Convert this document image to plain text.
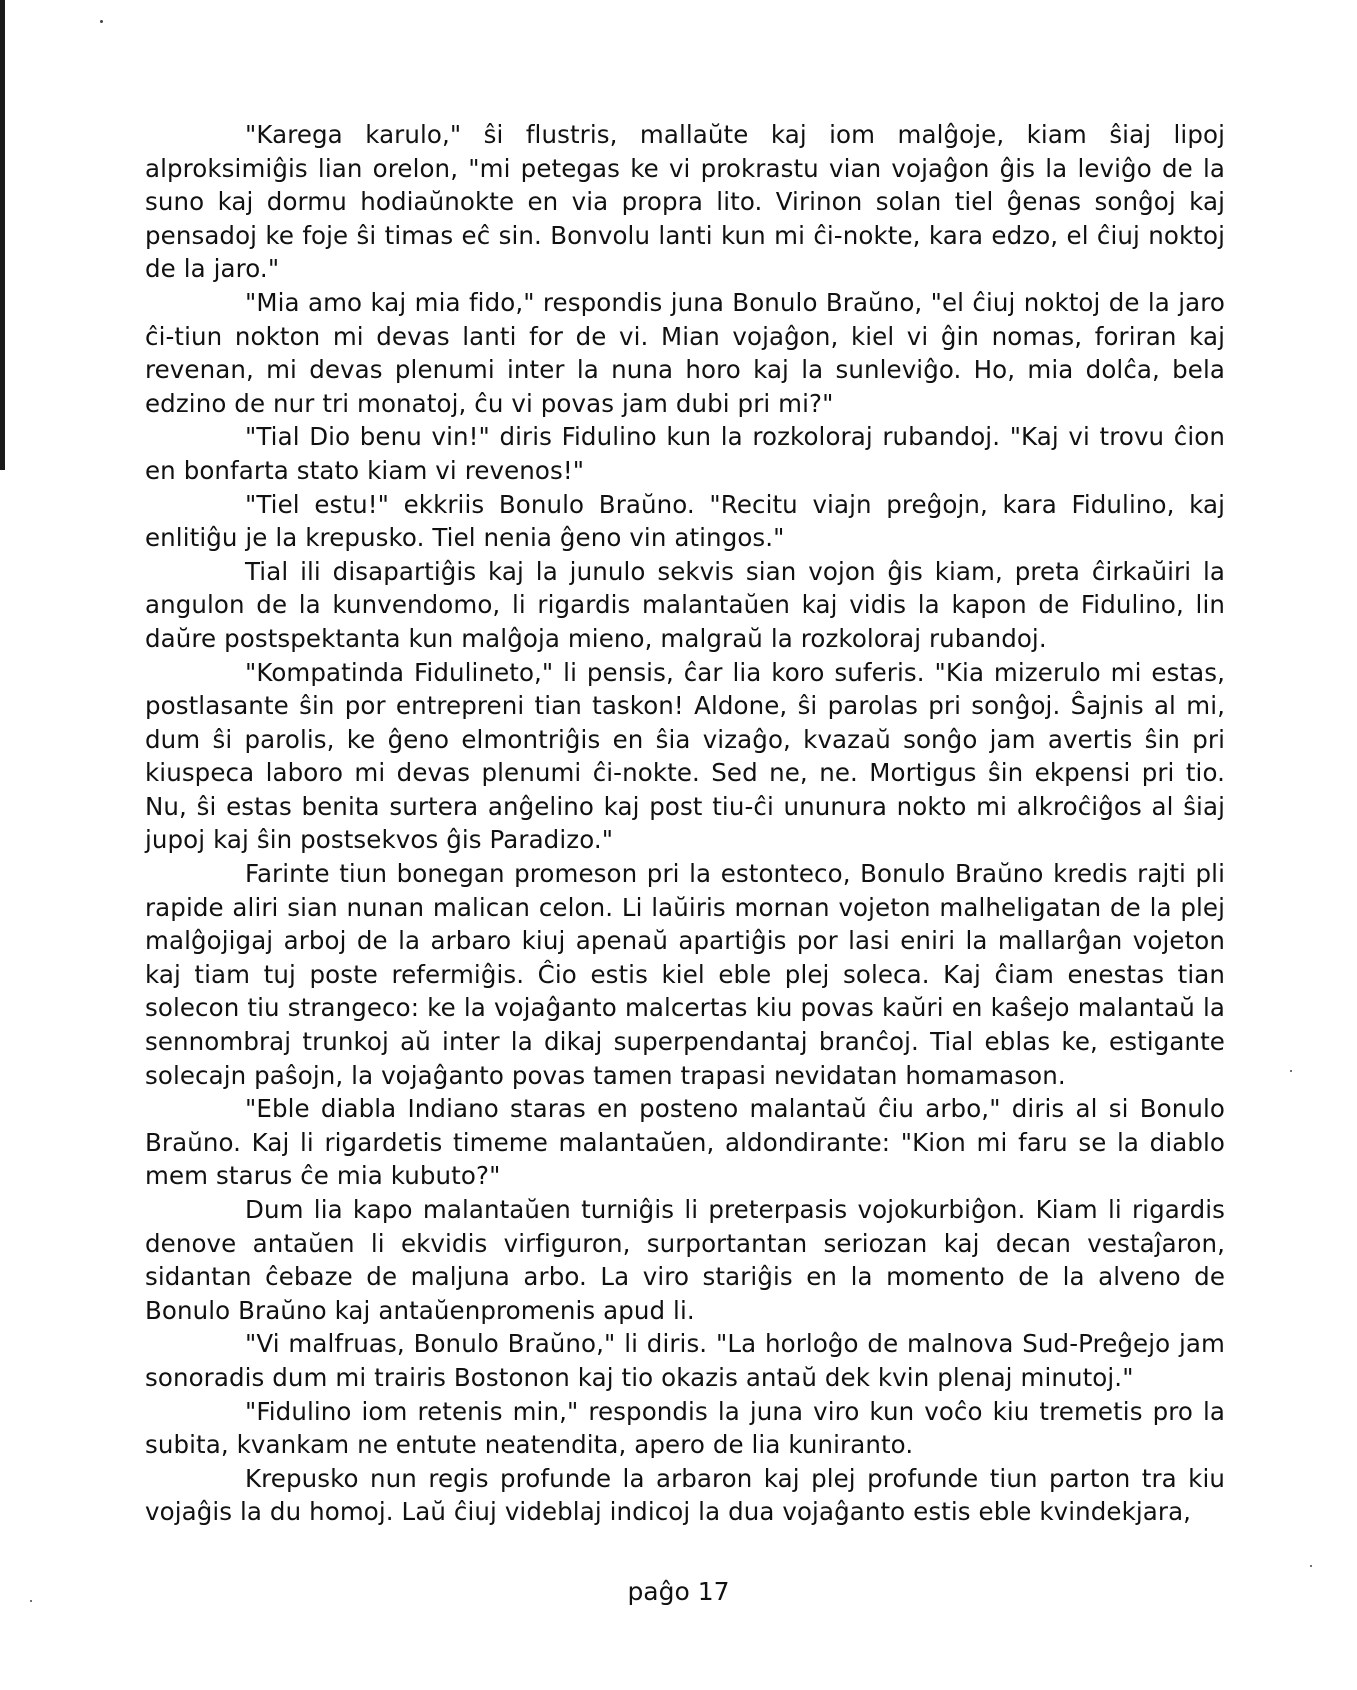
"Karega karulo," ŝi flustris, mallaŭte kaj iom malĝoje, kiam ŝiaj lipoj alproksimiĝis lian orelon, "mi petegas ke vi prokrastu vian vojaĝon ĝis la leviĝo de la suno kaj dormu hodiaŭnokte en via propra lito. Virinon solan tiel ĝenas sonĝoj kaj pensadoj ke foje ŝi timas eĉ sin. Bonvolu lanti kun mi ĉi-nokte, kara edzo, el ĉiuj noktoj de la jaro."

"Mia amo kaj mia fido," respondis juna Bonulo Braŭno, "el ĉiuj noktoj de la jaro ĉi-tiun nokton mi devas lanti for de vi. Mian vojaĝon, kiel vi ĝin nomas, foriran kaj revenan, mi devas plenumi inter la nuna horo kaj la sunleviĝo. Ho, mia dolĉa, bela edzino de nur tri monatoj, ĉu vi povas jam dubi pri mi?"

"Tial Dio benu vin!" diris Fidulino kun la rozkoloraj rubandoj. "Kaj vi trovu ĉion en bonfarta stato kiam vi revenos!"

"Tiel estu!" ekkriis Bonulo Braŭno. "Recitu viajn preĝojn, kara Fidulino, kaj enlitiĝu je la krepusko. Tiel nenia ĝeno vin atingos."

Tial ili disapartiĝis kaj la junulo sekvis sian vojon ĝis kiam, preta ĉirkaŭiri la angulon de la kunvendomo, li rigardis malantaŭen kaj vidis la kapon de Fidulino, lin daŭre postspektanta kun malĝoja mieno, malgraŭ la rozkoloraj rubandoj.

"Kompatinda Fidulineto," li pensis, ĉar lia koro suferis. "Kia mizerulo mi estas, postlasante ŝin por entrepreni tian taskon! Aldone, ŝi parolas pri sonĝoj. Ŝajnis al mi, dum ŝi parolis, ke ĝeno elmontriĝis en ŝia vizaĝo, kvazaŭ sonĝo jam avertis ŝin pri kiuspeca laboro mi devas plenumi ĉi-nokte. Sed ne, ne. Mortigus ŝin ekpensi pri tio. Nu, ŝi estas benita surtera anĝelino kaj post tiu-ĉi ununura nokto mi alkroĉiĝos al ŝiaj jupoj kaj ŝin postsekvos ĝis Paradizo."

Farinte tiun bonegan promeson pri la estonteco, Bonulo Braŭno kredis rajti pli rapide aliri sian nunan malican celon. Li laŭiris mornan vojeton malheligatan de la plej malĝojigaj arboj de la arbaro kiuj apenaŭ apartiĝis por lasi eniri la mallarĝan vojeton kaj tiam tuj poste refermiĝis. Ĉio estis kiel eble plej soleca. Kaj ĉiam enestas tian solecon tiu strangeco: ke la vojaĝanto malcertas kiu povas kaŭri en kaŝejo malantaŭ la sennombraj trunkoj aŭ inter la dikaj superpendantaj branĉoj. Tial eblas ke, estigante solecajn paŝojn, la vojaĝanto povas tamen trapasi nevidatan homamason.

"Eble diabla Indiano staras en posteno malantaŭ ĉiu arbo," diris al si Bonulo Braŭno. Kaj li rigardetis timeme malantaŭen, aldondirante: "Kion mi faru se la diablo mem starus ĉe mia kubuto?"

Dum lia kapo malantaŭen turniĝis li preterpasis vojokurbiĝon. Kiam li rigardis denove antaŭen li ekvidis virfiguron, surportantan seriozan kaj decan vestaĵaron, sidantan ĉebaze de maljuna arbo. La viro stariĝis en la momento de la alveno de Bonulo Braŭno kaj antaŭenpromenis apud li.

"Vi malfruas, Bonulo Braŭno," li diris. "La horloĝo de malnova Sud-Preĝejo jam sonoradis dum mi trairis Bostonon kaj tio okazis antaŭ dek kvin plenaj minutoj."

"Fidulino iom retenis min," respondis la juna viro kun voĉo kiu tremetis pro la subita, kvankam ne entute neatendita, apero de lia kuniranto.

Krepusko nun regis profunde la arbaron kaj plej profunde tiun parton tra kiu vojaĝis la du homoj. Laŭ ĉiuj videblaj indicoj la dua vojaĝanto estis eble kvindekjara,

paĝo 17
